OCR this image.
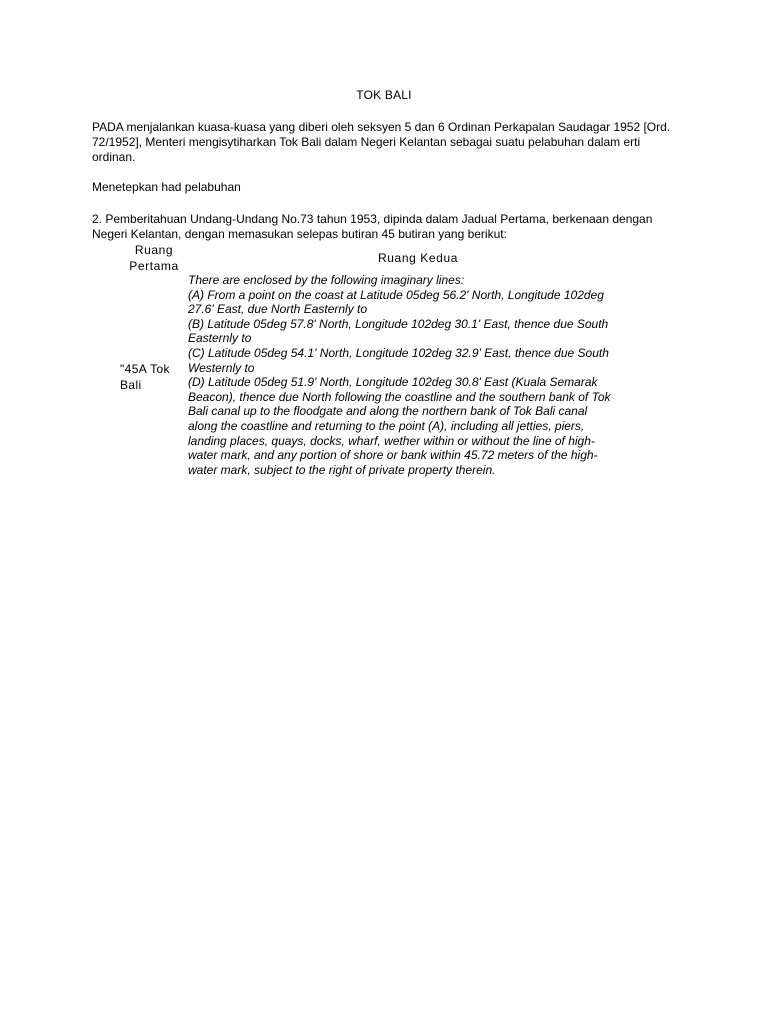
TOK BALI

PADA menjalankan kuasa-kuasa yang diberi oleh seksyen 5 dan 6 Ordinan Perkapalan Saudagar 1952 [Ord. 72/1952], Menteri mengisytiharkan Tok Bali dalam Negeri Kelantan sebagai suatu pelabuhan dalam erti ordinan.

Menetepkan had pelabuhan

2. Pemberitahuan Undang-Undang No.73 tahun 1953, dipinda dalam Jadual Pertama, berkenaan dengan Negeri Kelantan, dengan memasukan selepas butiran 45 butiran yang berikut:

Ruang Pertama
Ruang Kedua
"45A Tok Bali
There are enclosed by the following imaginary lines:
(A) From a point on the coast at Latitude 05deg 56.2' North, Longitude 102deg
27.6' East, due North Easternly to
(B) Latitude 05deg 57.8' North, Longitude 102deg 30.1' East, thence due South
Easternly to
(C) Latitude 05deg 54.1' North, Longitude 102deg 32.9' East, thence due South
Westernly to
(D) Latitude 05deg 51.9' North, Longitude 102deg 30.8' East (Kuala Semarak
Beacon), thence due North following the coastline and the southern bank of Tok
Bali canal up to the floodgate and along the northern bank of Tok Bali canal
along the coastline and returning to the point (A), including all jetties, piers,
landing places, quays, docks, wharf, wether within or without the line of high-
water mark, and any portion of shore or bank within 45.72 meters of the high-
water mark, subject to the right of private property therein.
